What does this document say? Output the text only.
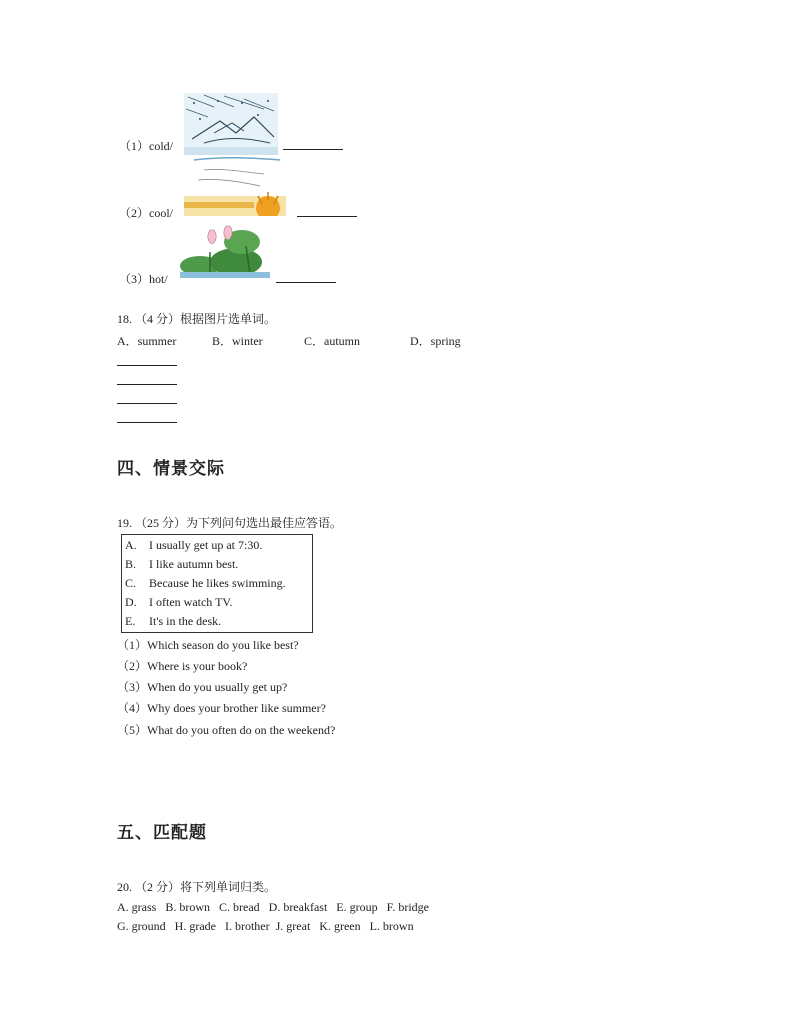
（1）cold/
（2）cool/
（3）hot/
18. （4 分）根据图片选单词。
A．summer	B．winter	C．autumn	D．spring
四、情景交际
19. （25 分）为下列问句选出最佳应答语。
A. I usually get up at 7:30.
B. I like autumn best.
C. Because he likes swimming.
D. I often watch TV.
E. It's in the desk.
（1）Which season do you like best?
（2）Where is your book?
（3）When do you usually get up?
（4）Why does your brother like summer?
（5）What do you often do on the weekend?
五、匹配题
20. （2 分）将下列单词归类。
A. grass   B. brown   C. bread   D. breakfast   E. group   F. bridge
G. ground   H. grade   I. brother  J. great   K. green   L. brown
